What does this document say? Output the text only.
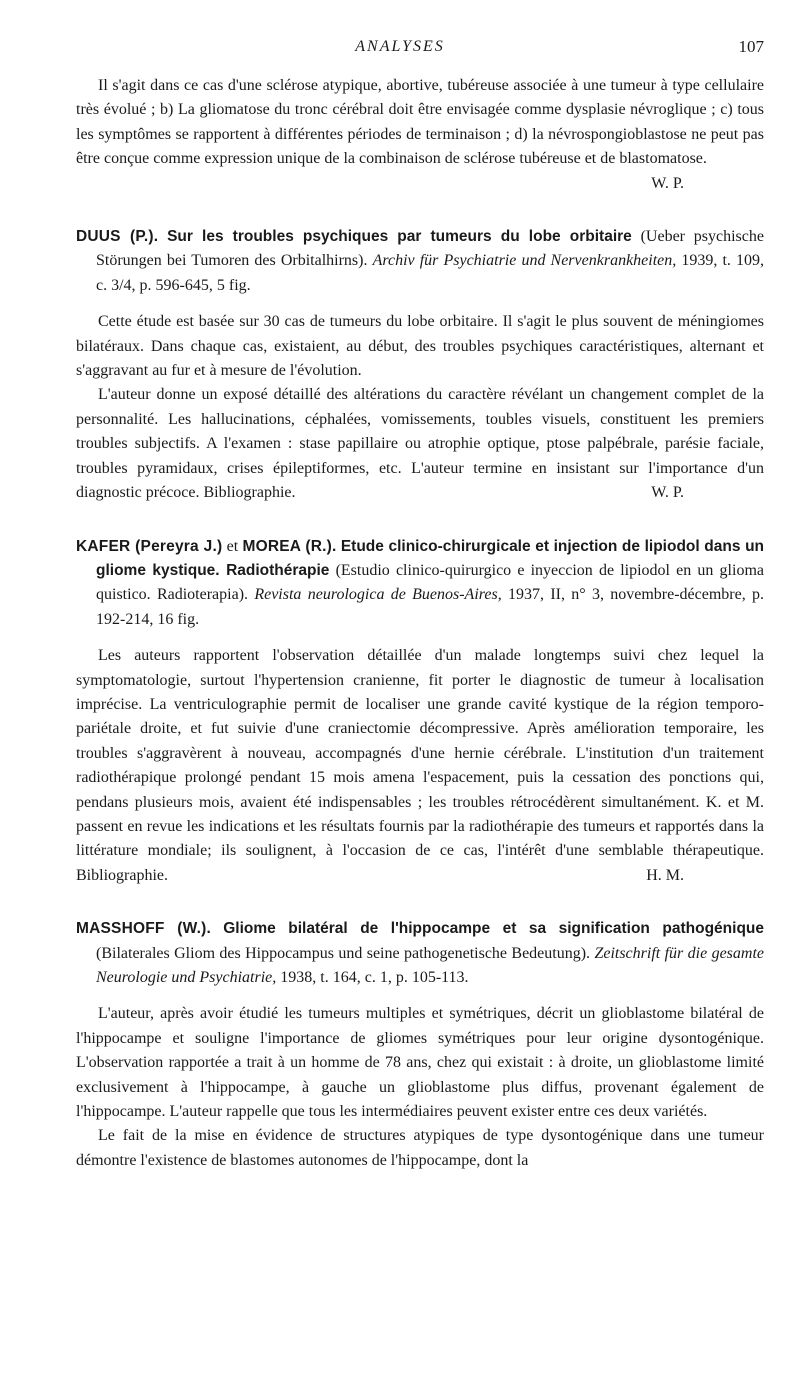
ANALYSES	107

Il s'agit dans ce cas d'une sclérose atypique, abortive, tubéreuse associée à une tumeur à type cellulaire très évolué ; b) La gliomatose du tronc cérébral doit être envisagée comme dysplasie névroglique ; c) tous les symptômes se rapportent à différentes périodes de terminaison ; d) la névrospongioblastose ne peut pas être conçue comme expression unique de la combinaison de sclérose tubéreuse et de blastomatose.

W. P.

DUUS (P.). Sur les troubles psychiques par tumeurs du lobe orbitaire (Ueber psychische Störungen bei Tumoren des Orbitalhirns). Archiv für Psychiatrie und Nervenkrankheiten, 1939, t. 109, c. 3/4, p. 596-645, 5 fig.

Cette étude est basée sur 30 cas de tumeurs du lobe orbitaire. Il s'agit le plus souvent de méningiomes bilatéraux. Dans chaque cas, existaient, au début, des troubles psychiques caractéristiques, alternant et s'aggravant au fur et à mesure de l'évolution.

L'auteur donne un exposé détaillé des altérations du caractère révélant un changement complet de la personnalité. Les hallucinations, céphalées, vomissements, toubles visuels, constituent les premiers troubles subjectifs. A l'examen : stase papillaire ou atrophie optique, ptose palpébrale, parésie faciale, troubles pyramidaux, crises épileptiformes, etc. L'auteur termine en insistant sur l'importance d'un diagnostic précoce. Bibliographie.	W. P.

KAFER (Pereyra J.) et MOREA (R.). Etude clinico-chirurgicale et injection de lipiodol dans un gliome kystique. Radiothérapie (Estudio clinico-quirurgico e inyeccion de lipiodol en un glioma quistico. Radioterapia). Revista neurologica de Buenos-Aires, 1937, II, n° 3, novembre-décembre, p. 192-214, 16 fig.

Les auteurs rapportent l'observation détaillée d'un malade longtemps suivi chez lequel la symptomatologie, surtout l'hypertension cranienne, fit porter le diagnostic de tumeur à localisation imprécise. La ventriculographie permit de localiser une grande cavité kystique de la région temporo-pariétale droite, et fut suivie d'une craniectomie décompressive. Après amélioration temporaire, les troubles s'aggravèrent à nouveau, accompagnés d'une hernie cérébrale. L'institution d'un traitement radiothérapique prolongé pendant 15 mois amena l'espacement, puis la cessation des ponctions qui, pendans plusieurs mois, avaient été indispensables ; les troubles rétrocédèrent simultanément. K. et M. passent en revue les indications et les résultats fournis par la radiothérapie des tumeurs et rapportés dans la littérature mondiale; ils soulignent, à l'occasion de ce cas, l'intérêt d'une semblable thérapeutique. Bibliographie.	H. M.

MASSHOFF (W.). Gliome bilatéral de l'hippocampe et sa signification pathogénique (Bilaterales Gliom des Hippocampus und seine pathogenetische Bedeutung). Zeitschrift für die gesamte Neurologie und Psychiatrie, 1938, t. 164, c. 1, p. 105-113.

L'auteur, après avoir étudié les tumeurs multiples et symétriques, décrit un glioblastome bilatéral de l'hippocampe et souligne l'importance de gliomes symétriques pour leur origine dysontogénique. L'observation rapportée a trait à un homme de 78 ans, chez qui existait : à droite, un glioblastome limité exclusivement à l'hippocampe, à gauche un glioblastome plus diffus, provenant également de l'hippocampe. L'auteur rappelle que tous les intermédiaires peuvent exister entre ces deux variétés.

Le fait de la mise en évidence de structures atypiques de type dysontogénique dans une tumeur démontre l'existence de blastomes autonomes de l'hippocampe, dont la
